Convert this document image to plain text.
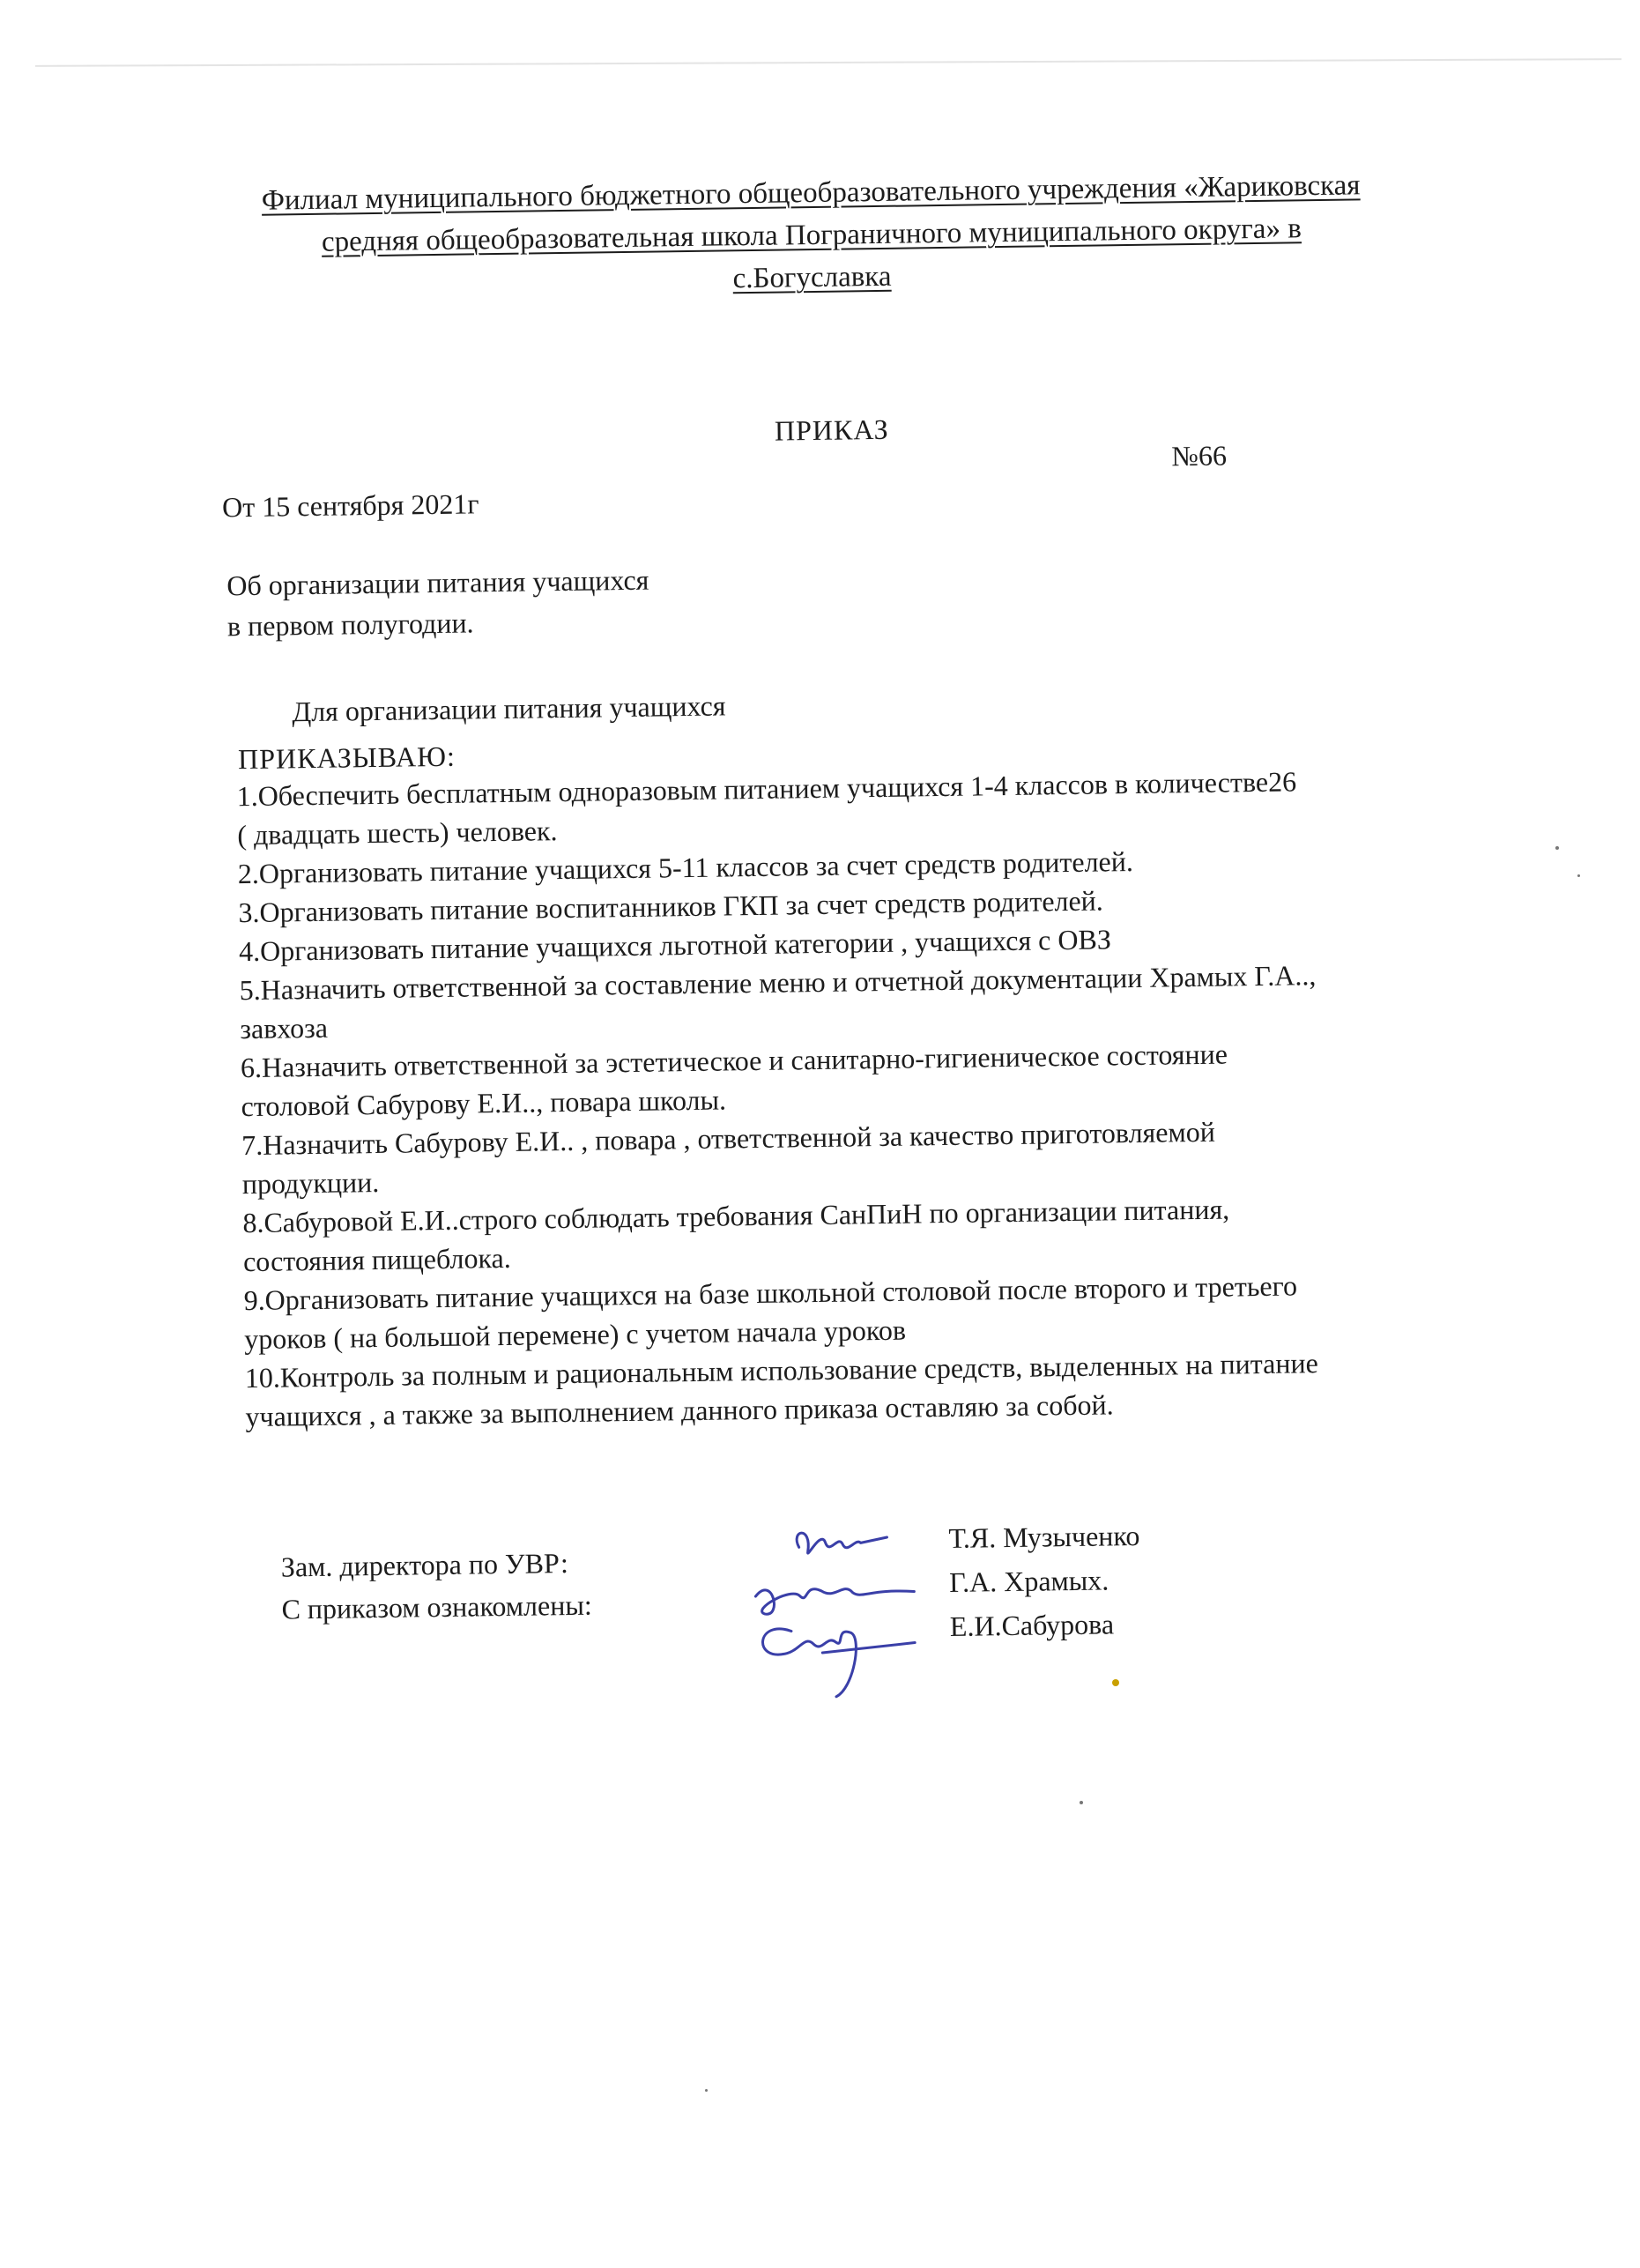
Филиал муниципального бюджетного общеобразовательного учреждения «Жариковская
средняя общеобразовательная школа Пограничного муниципального округа» в
с.Богуславка
ПРИКАЗ
№66
От 15 сентября 2021г
Об организации питания учащихся
в первом полугодии.
Для организации питания учащихся
ПРИКАЗЫВАЮ:

1.Обеспечить бесплатным одноразовым питанием учащихся 1-4 классов в количестве26

( двадцать шесть) человек.

2.Организовать питание учащихся 5-11 классов за счет средств родителей.

3.Организовать питание воспитанников ГКП за счет средств родителей.

4.Организовать питание учащихся льготной категории , учащихся с ОВЗ

5.Назначить ответственной за составление меню и отчетной документации Храмых Г.А..,

завхоза

6.Назначить ответственной за эстетическое и санитарно-гигиеническое состояние

столовой Сабурову Е.И.., повара школы.

7.Назначить Сабурову Е.И.. , повара , ответственной за качество приготовляемой

продукции.

8.Сабуровой Е.И..строго соблюдать требования СанПиН по организации питания,

состояния пищеблока.

9.Организовать питание учащихся на базе школьной столовой после второго и третьего

уроков ( на большой перемене) с учетом начала уроков

10.Контроль за полным и рациональным использование средств, выделенных на питание

учащихся , а также за выполнением данного приказа оставляю за собой.

Зам. директора по УВР:
С приказом ознакомлены:
Т.Я. Музыченко
Г.А. Храмых.
Е.И.Сабурова
